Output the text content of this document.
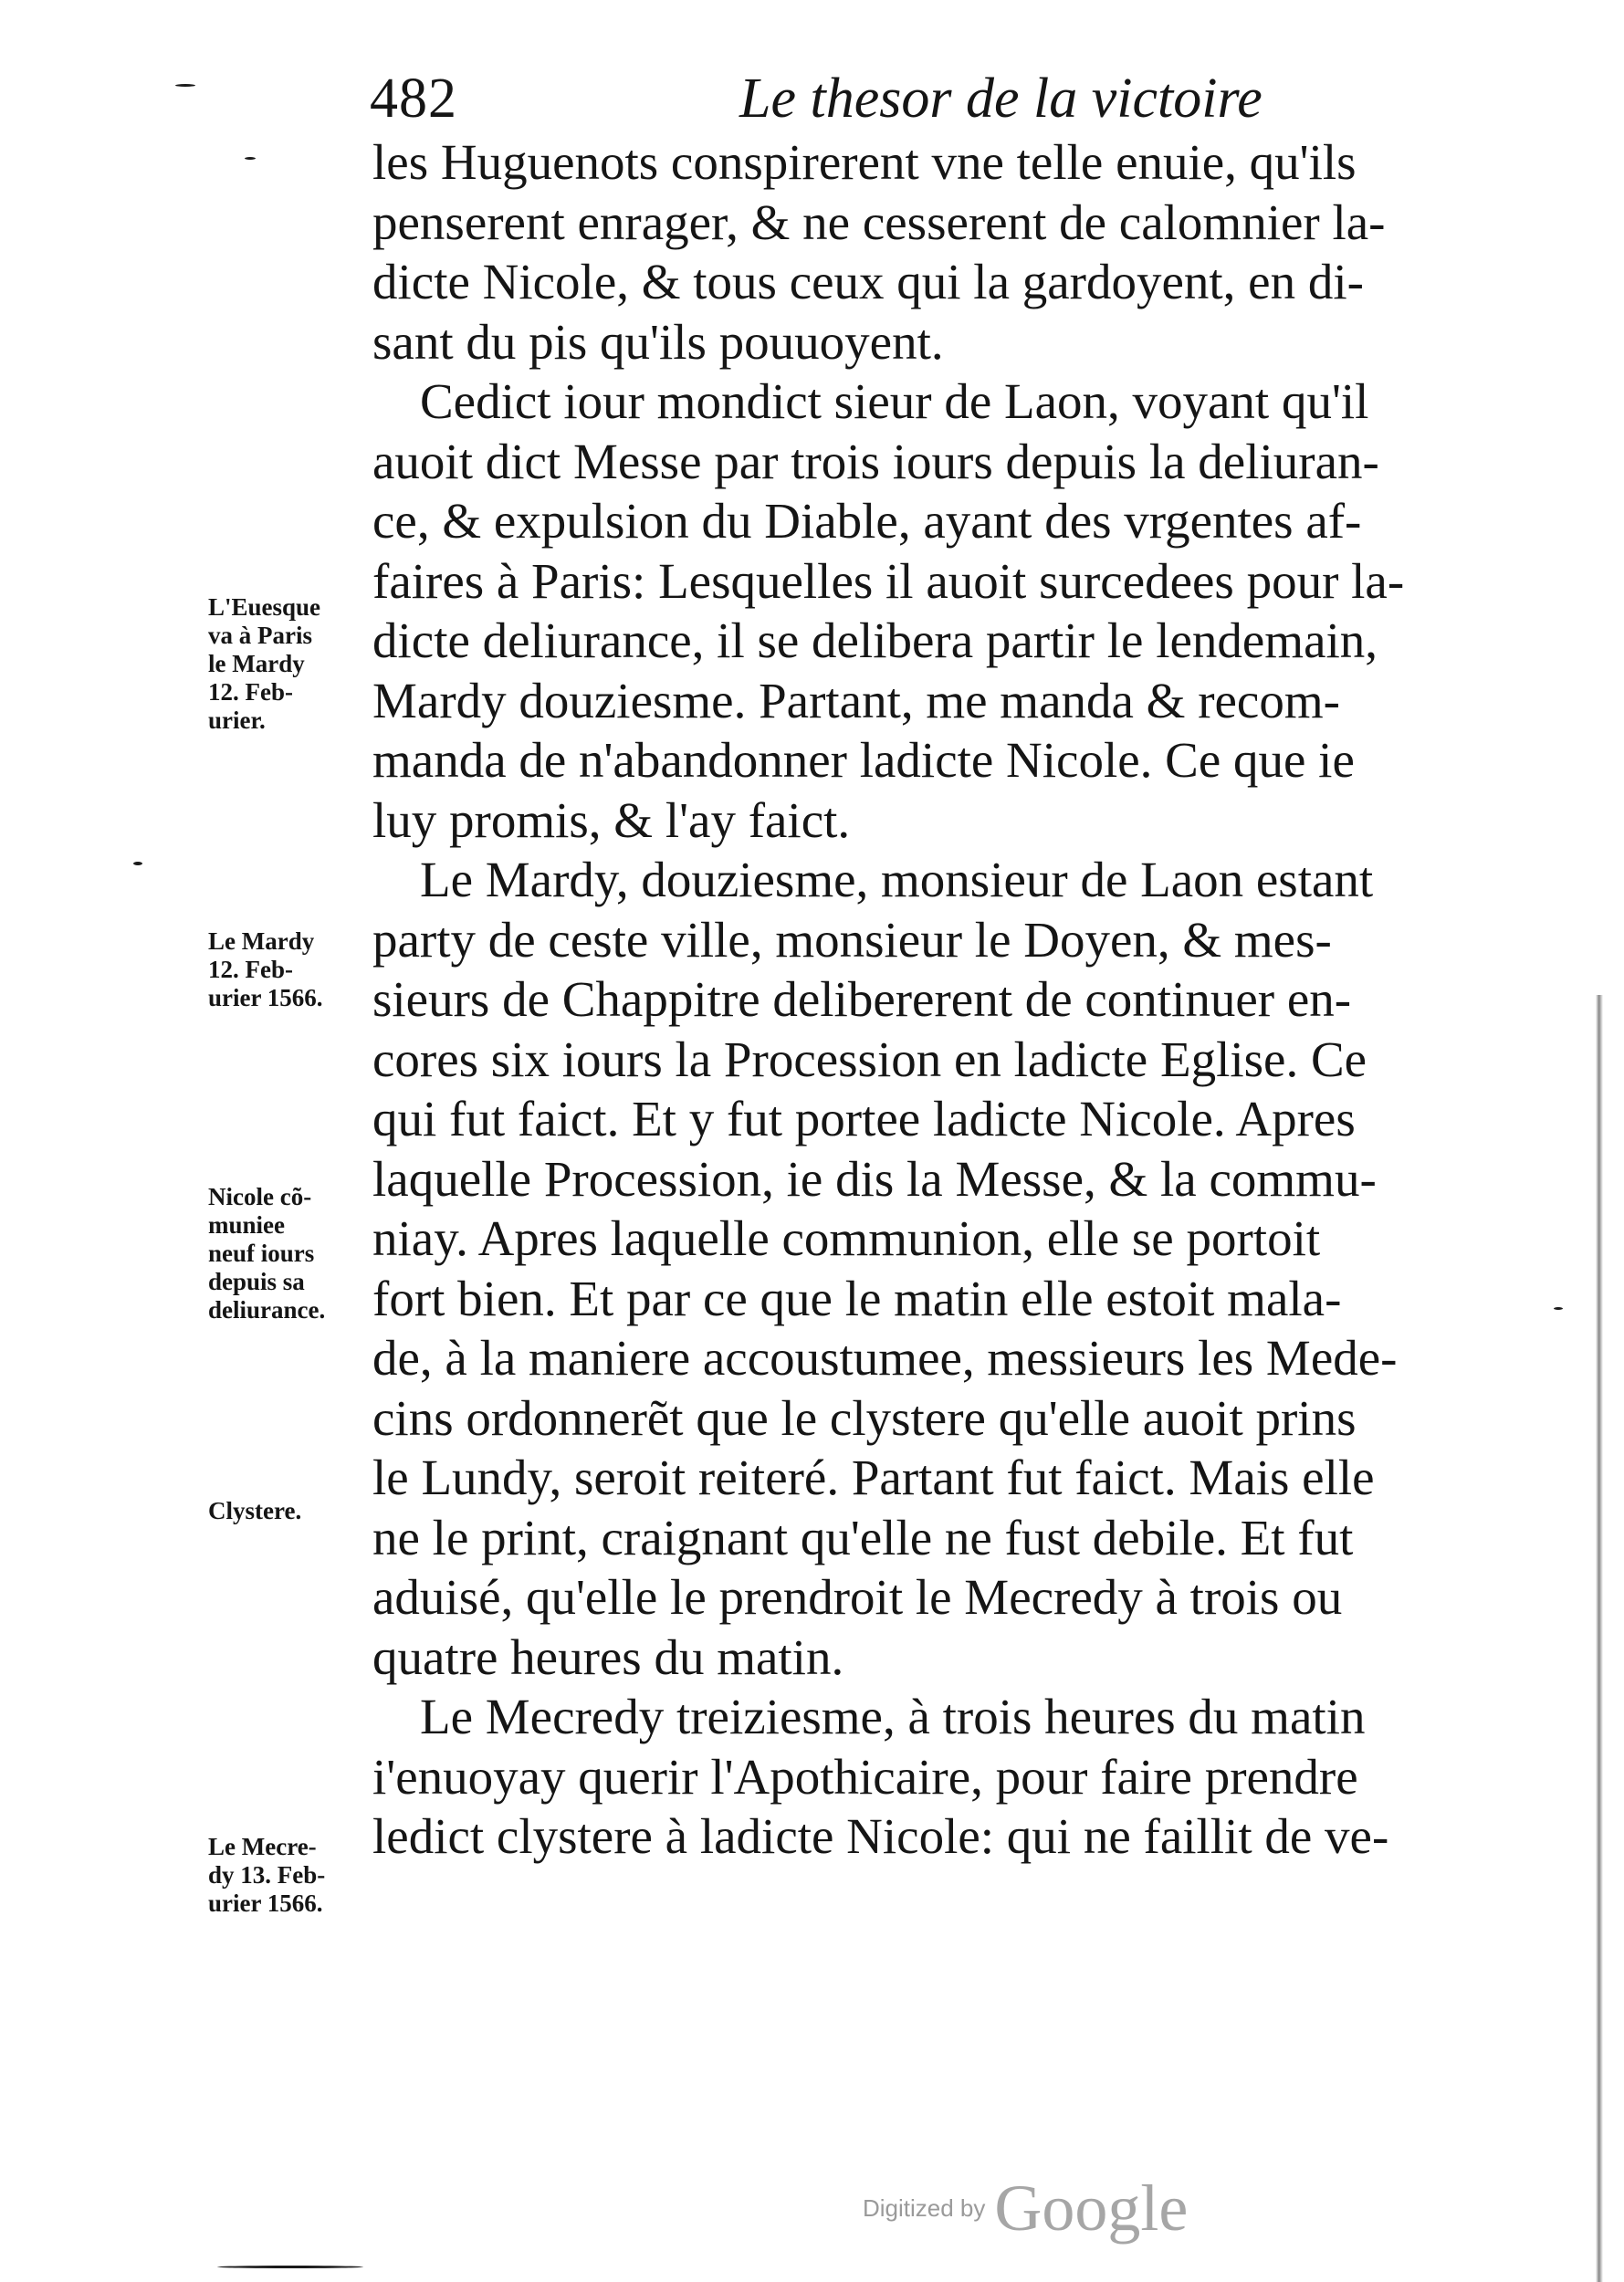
482	Le thesor de la victoire
les Huguenots conspirerent vne telle enuie, qu'ils
penserent enrager, & ne cesserent de calomnier la-
dicte Nicole, & tous ceux qui la gardoyent, en di-
sant du pis qu'ils pouuoyent.
Cedict iour mondict sieur de Laon, voyant qu'il
auoit dict Messe par trois iours depuis la deliuran-
ce, & expulsion du Diable, ayant des vrgentes af-
faires à Paris: Lesquelles il auoit surcedees pour la-
dicte deliurance, il se delibera partir le lendemain,
Mardy douziesme. Partant, me manda & recom-
manda de n'abandonner ladicte Nicole. Ce que ie
luy promis, & l'ay faict.
Le Mardy, douziesme, monsieur de Laon estant
party de ceste ville, monsieur le Doyen, & mes-
sieurs de Chappitre delibererent de continuer en-
cores six iours la Procession en ladicte Eglise. Ce
qui fut faict. Et y fut portee ladicte Nicole. Apres
laquelle Procession, ie dis la Messe, & la commu-
niay. Apres laquelle communion, elle se portoit
fort bien. Et par ce que le matin elle estoit mala-
de, à la maniere accoustumee, messieurs les Mede-
cins ordonnerẽt que le clystere qu'elle auoit prins
le Lundy, seroit reiteré. Partant fut faict. Mais elle
ne le print, craignant qu'elle ne fust debile. Et fut
aduisé, qu'elle le prendroit le Mecredy à trois ou
quatre heures du matin.
Le Mecredy treiziesme, à trois heures du matin
i'enuoyay querir l'Apothicaire, pour faire prendre
ledict clystere à ladicte Nicole: qui ne faillit de ve-
L'Euesque
va à Paris
le Mardy
12. Feb-
urier.
Le Mardy
12. Feb-
urier 1566.
Nicole cõ-
muniee
neuf iours
depuis sa
deliurance.
Clystere.
Le Mecre-
dy 13. Feb-
urier 1566.
Digitized by Google
